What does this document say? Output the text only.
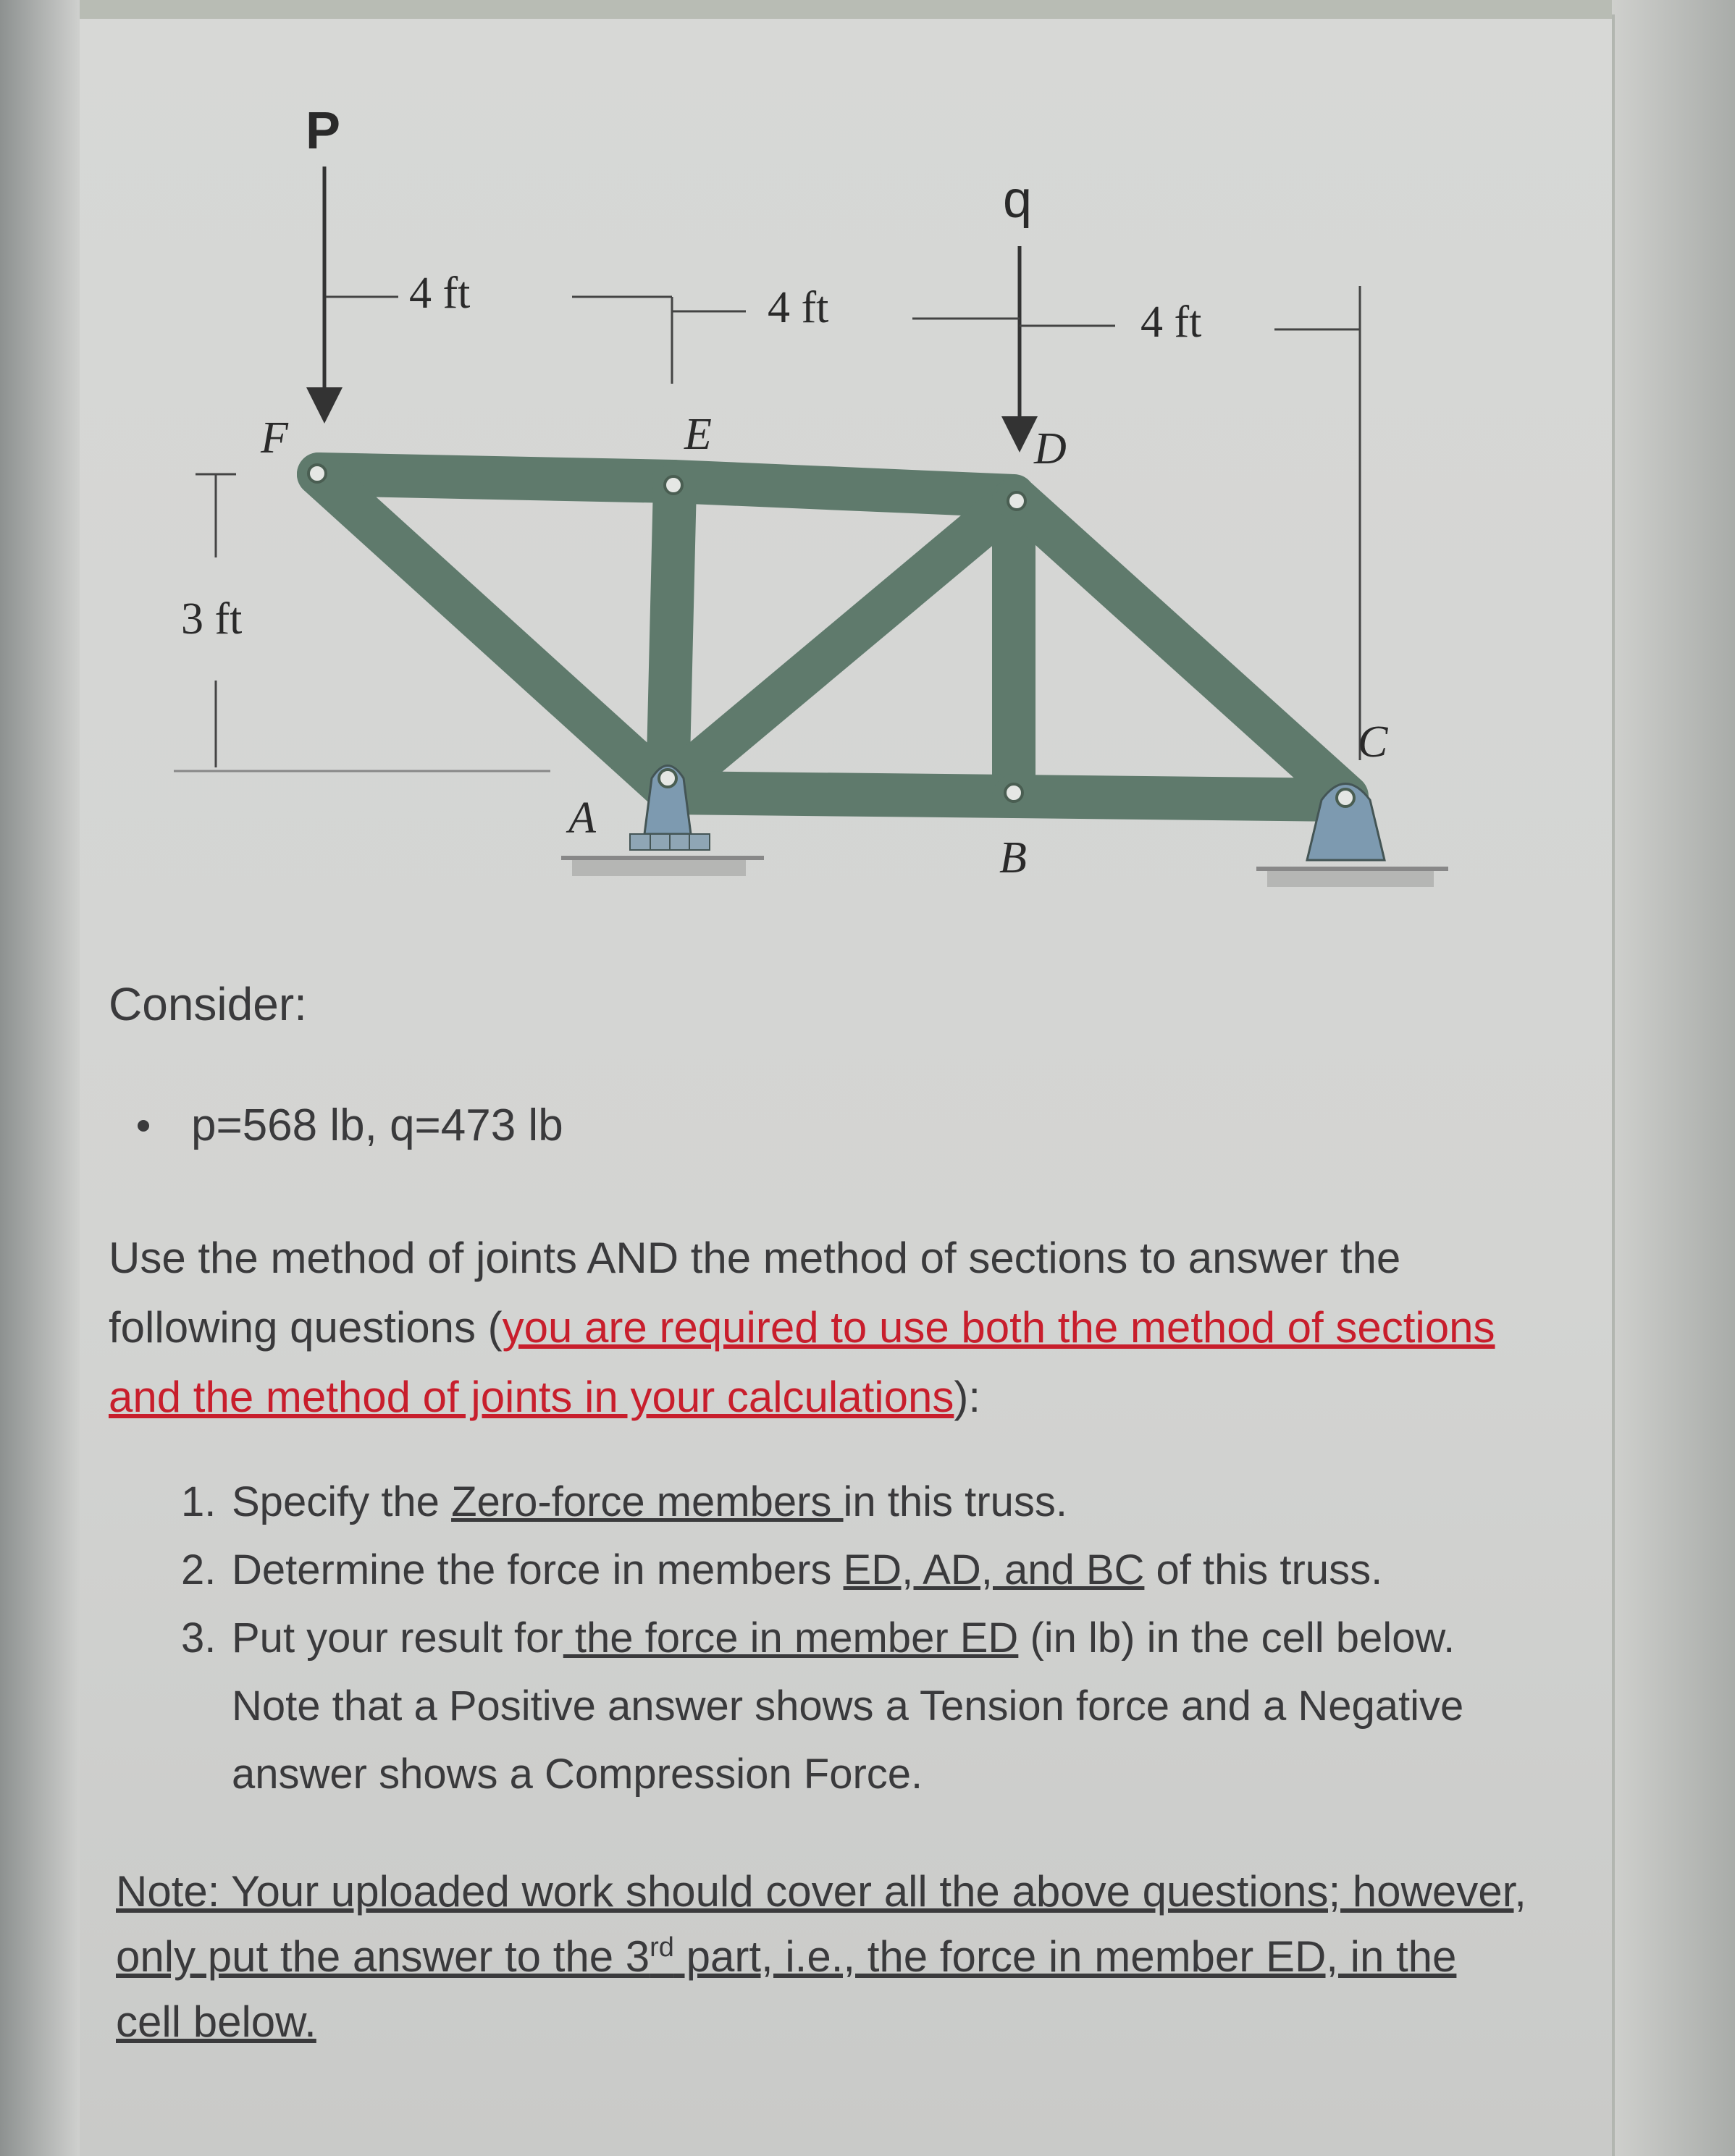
P
q
4 ft	4 ft	4 ft
3 ft
F	E	D
A
B
C

Consider:

p=568 lb, q=473 lb

Use the method of joints AND the method of sections to answer the following questions (you are required to use both the method of sections and the method of joints in your calculations):

1. Specify the Zero-force members in this truss.
2. Determine the force in members ED, AD, and BC of this truss.
3. Put your result for the force in member ED (in lb) in the cell below. Note that a Positive answer shows a Tension force and a Negative answer shows a Compression Force.

Note: Your uploaded work should cover all the above questions; however, only put the answer to the 3rd part, i.e., the force in member ED, in the cell below.
